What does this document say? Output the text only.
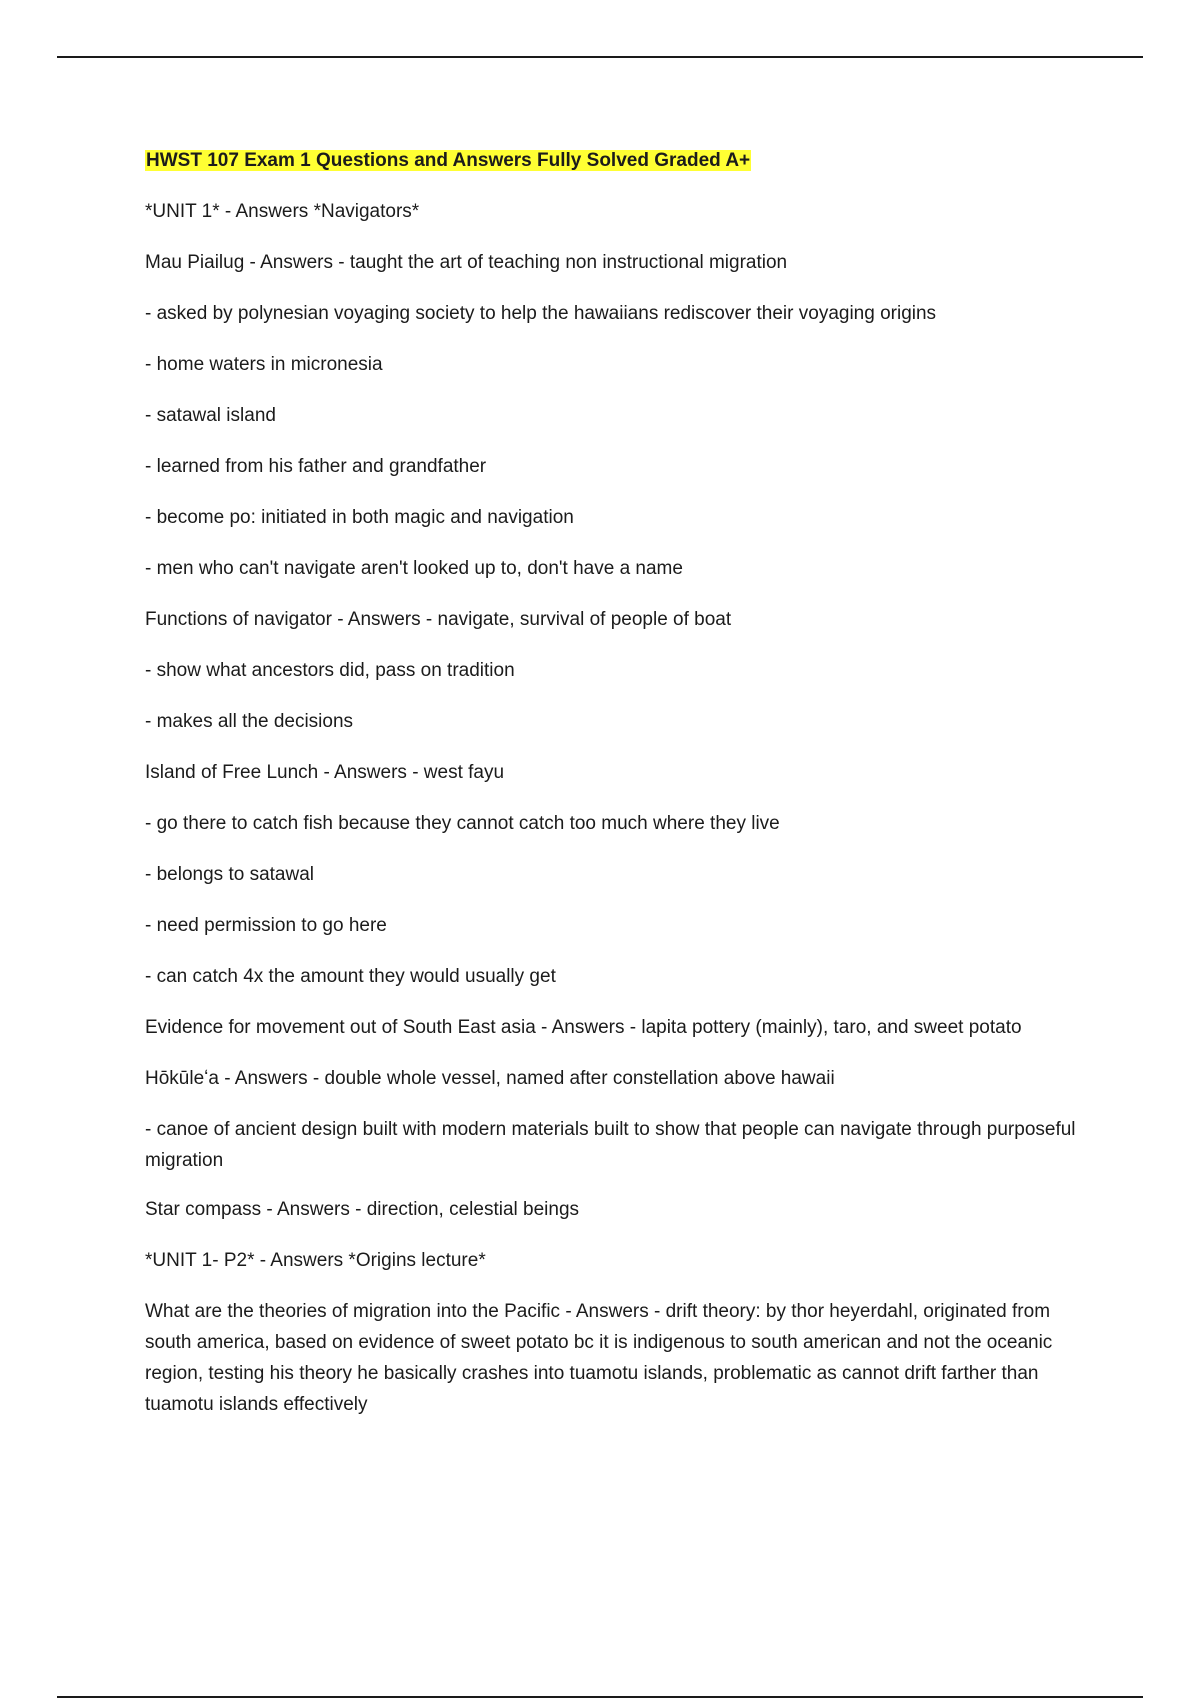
HWST 107 Exam 1 Questions and Answers Fully Solved Graded A+

*UNIT 1* - Answers *Navigators*

Mau Piailug - Answers - taught the art of teaching non instructional migration

- asked by polynesian voyaging society to help the hawaiians rediscover their voyaging origins

- home waters in micronesia

- satawal island

- learned from his father and grandfather

- become po: initiated in both magic and navigation

- men who can't navigate aren't looked up to, don't have a name

Functions of navigator - Answers - navigate, survival of people of boat

- show what ancestors did, pass on tradition

- makes all the decisions

Island of Free Lunch - Answers - west fayu

- go there to catch fish because they cannot catch too much where they live

- belongs to satawal

- need permission to go here

- can catch 4x the amount they would usually get

Evidence for movement out of South East asia - Answers - lapita pottery (mainly), taro, and sweet potato

Hōkūleʻa - Answers - double whole vessel, named after constellation above hawaii

- canoe of ancient design built with modern materials built to show that people can navigate through purposeful migration

Star compass - Answers - direction, celestial beings

*UNIT 1- P2* - Answers *Origins lecture*

What are the theories of migration into the Pacific - Answers - drift theory: by thor heyerdahl, originated from south america, based on evidence of sweet potato bc it is indigenous to south american and not the oceanic region, testing his theory he basically crashes into tuamotu islands, problematic as cannot drift farther than tuamotu islands effectively
